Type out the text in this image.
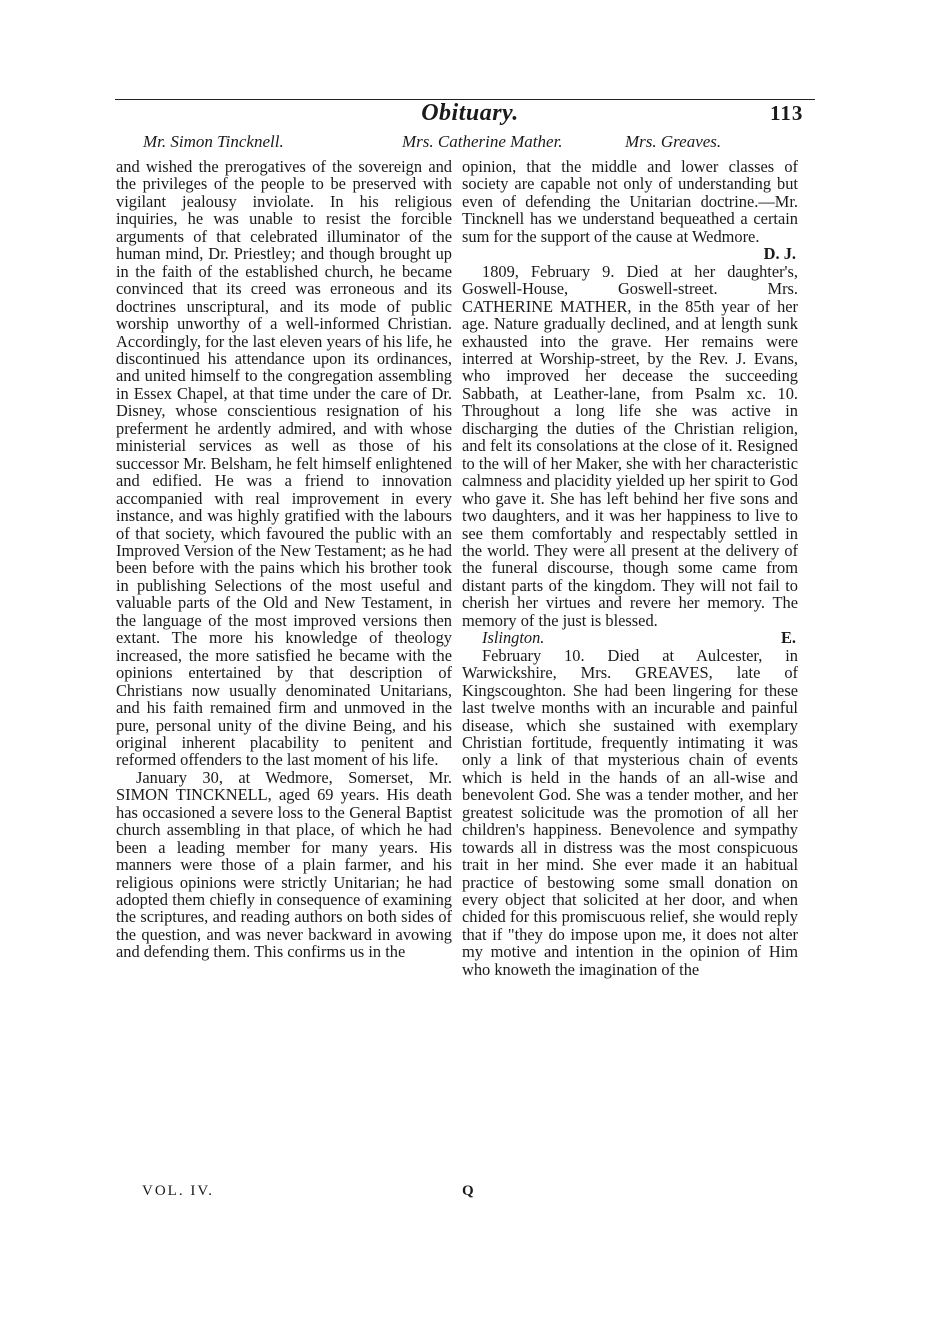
Obituary.	113
Mr. Simon Tincknell.	Mrs. Catherine Mather.	Mrs. Greaves.

and wished the prerogatives of the sovereign and the privileges of the people to be preserved with vigilant jealousy inviolate. In his religious inquiries, he was unable to resist the forcible arguments of that celebrated illuminator of the human mind, Dr. Priestley; and though brought up in the faith of the established church, he became convinced that its creed was erroneous and its doctrines unscriptural, and its mode of public worship unworthy of a well-informed Christian. Accordingly, for the last eleven years of his life, he discontinued his attendance upon its ordinances, and united himself to the congregation assembling in Essex Chapel, at that time under the care of Dr. Disney, whose conscientious resignation of his preferment he ardently admired, and with whose ministerial services as well as those of his successor Mr. Belsham, he felt himself enlightened and edified. He was a friend to innovation accompanied with real improvement in every instance, and was highly gratified with the labours of that society, which favoured the public with an Improved Version of the New Testament; as he had been before with the pains which his brother took in publishing Selections of the most useful and valuable parts of the Old and New Testament, in the language of the most improved versions then extant. The more his knowledge of theology increased, the more satisfied he became with the opinions entertained by that description of Christians now usually denominated Unitarians, and his faith remained firm and unmoved in the pure, personal unity of the divine Being, and his original inherent placability to penitent and reformed offenders to the last moment of his life.

January 30, at Wedmore, Somerset, Mr. SIMON TINCKNELL, aged 69 years. His death has occasioned a severe loss to the General Baptist church assembling in that place, of which he had been a leading member for many years. His manners were those of a plain farmer, and his religious opinions were strictly Unitarian; he had adopted them chiefly in consequence of examining the scriptures, and reading authors on both sides of the question, and was never backward in avowing and defending them. This confirms us in the

opinion, that the middle and lower classes of society are capable not only of understanding but even of defending the Unitarian doctrine.—Mr. Tincknell has we understand bequeathed a certain sum for the support of the cause at Wedmore.

D. J.

1809, February 9. Died at her daughter's, Goswell-House, Goswell-street. Mrs. CATHERINE MATHER, in the 85th year of her age. Nature gradually declined, and at length sunk exhausted into the grave. Her remains were interred at Worship-street, by the Rev. J. Evans, who improved her decease the succeeding Sabbath, at Leather-lane, from Psalm xc. 10. Throughout a long life she was active in discharging the duties of the Christian religion, and felt its consolations at the close of it. Resigned to the will of her Maker, she with her characteristic calmness and placidity yielded up her spirit to God who gave it. She has left behind her five sons and two daughters, and it was her happiness to live to see them comfortably and respectably settled in the world. They were all present at the delivery of the funeral discourse, though some came from distant parts of the kingdom. They will not fail to cherish her virtues and revere her memory. The memory of the just is blessed.

Islington.	E.

February 10. Died at Aulcester, in Warwickshire, Mrs. GREAVES, late of Kingscoughton. She had been lingering for these last twelve months with an incurable and painful disease, which she sustained with exemplary Christian fortitude, frequently intimating it was only a link of that mysterious chain of events which is held in the hands of an all-wise and benevolent God. She was a tender mother, and her greatest solicitude was the promotion of all her children's happiness. Benevolence and sympathy towards all in distress was the most conspicuous trait in her mind. She ever made it an habitual practice of bestowing some small donation on every object that solicited at her door, and when chided for this promiscuous relief, she would reply that if "they do impose upon me, it does not alter my motive and intention in the opinion of Him who knoweth the imagination of the

VOL. IV.	Q
